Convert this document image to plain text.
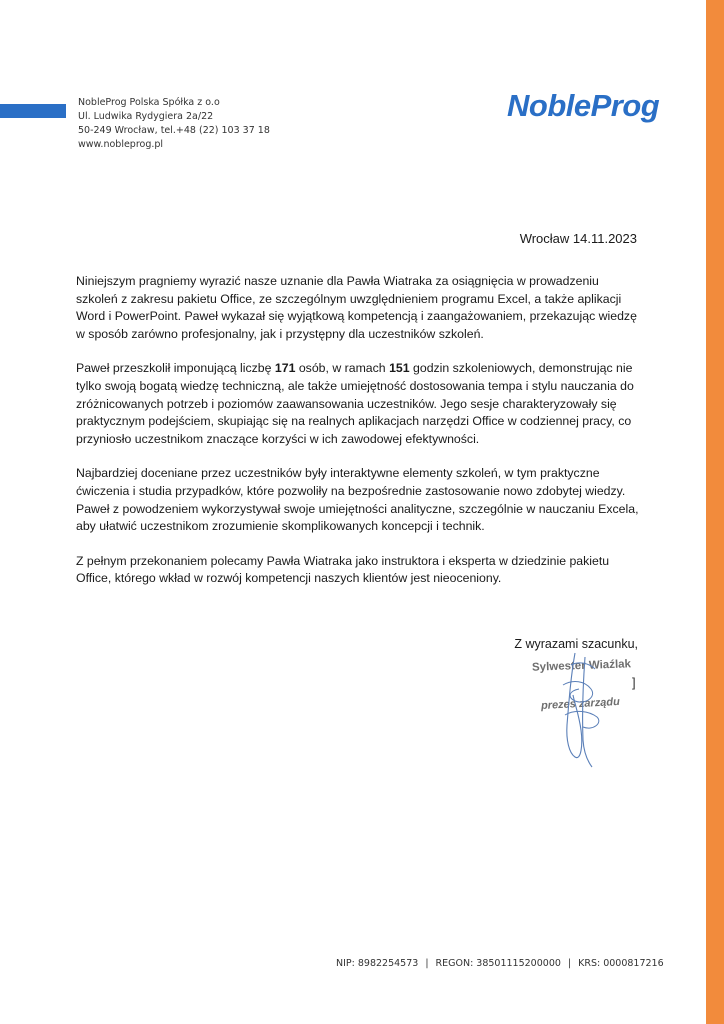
NobleProg Polska Spółka z o.o
Ul. Ludwika Rydygiera 2a/22
50-249 Wrocław, tel.+48 (22) 103 37 18
www.nobleprog.pl
NobleProg
Wrocław 14.11.2023

Niniejszym pragniemy wyrazić nasze uznanie dla Pawła Wiatraka za osiągnięcia w prowadzeniu szkoleń z zakresu pakietu Office, ze szczególnym uwzględnieniem programu Excel, a także aplikacji Word i PowerPoint. Paweł wykazał się wyjątkową kompetencją i zaangażowaniem, przekazując wiedzę w sposób zarówno profesjonalny, jak i przystępny dla uczestników szkoleń.

Paweł przeszkolił imponującą liczbę 171 osób, w ramach 151 godzin szkoleniowych, demonstrując nie tylko swoją bogatą wiedzę techniczną, ale także umiejętność dostosowania tempa i stylu nauczania do zróżnicowanych potrzeb i poziomów zaawansowania uczestników. Jego sesje charakteryzowały się praktycznym podejściem, skupiając się na realnych aplikacjach narzędzi Office w codziennej pracy, co przyniosło uczestnikom znaczące korzyści w ich zawodowej efektywności.

Najbardziej doceniane przez uczestników były interaktywne elementy szkoleń, w tym praktyczne ćwiczenia i studia przypadków, które pozwoliły na bezpośrednie zastosowanie nowo zdobytej wiedzy. Paweł z powodzeniem wykorzystywał swoje umiejętności analityczne, szczególnie w nauczaniu Excela, aby ułatwić uczestnikom zrozumienie skomplikowanych koncepcji i technik.

Z pełnym przekonaniem polecamy Pawła Wiatraka jako instruktora i eksperta w dziedzinie pakietu Office, którego wkład w rozwój kompetencji naszych klientów jest nieoceniony.

Z wyrazami szacunku,
Sylwester Wiaźlak
]
prezes zarządu
NIP: 8982254573 | REGON: 38501115200000 | KRS: 0000817216
